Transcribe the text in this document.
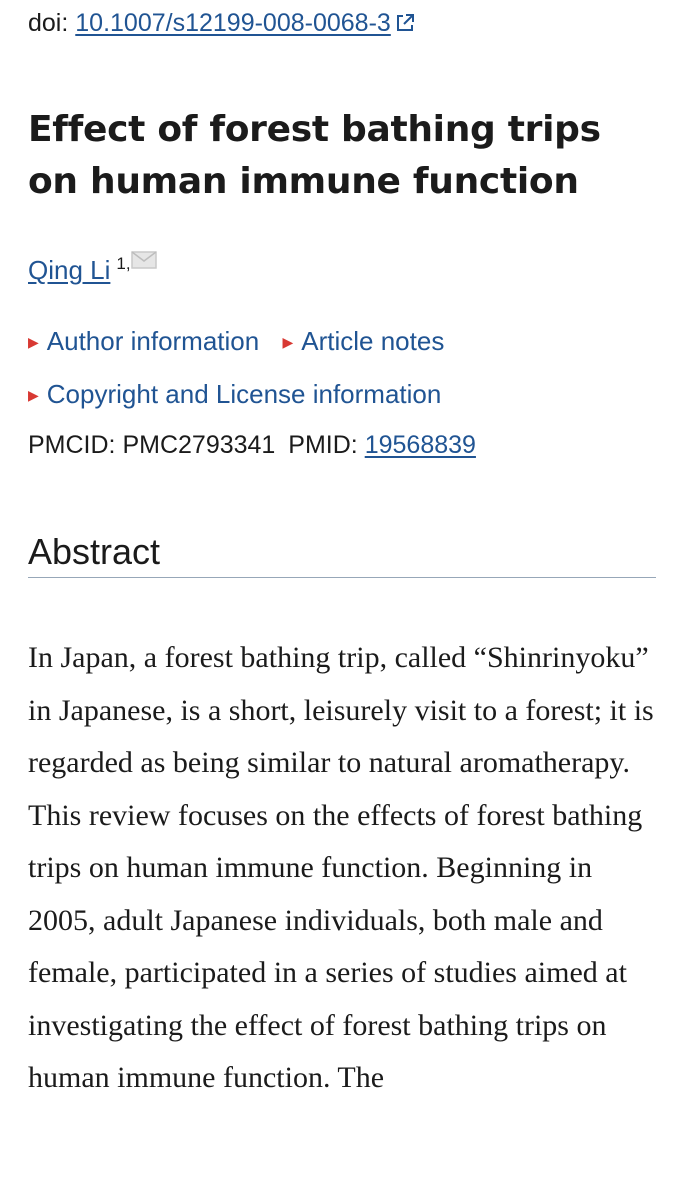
doi: 10.1007/s12199-008-0068-3
Effect of forest bathing trips on human immune function
Qing Li $^{1,}$
▶ Author information ▶ Article notes
▶ Copyright and License information
PMCID: PMC2793341 PMID: 19568839
Abstract

In Japan, a forest bathing trip, called “Shinrinyoku” in Japanese, is a short, leisurely visit to a forest; it is regarded as being similar to natural aromatherapy. This review focuses on the effects of forest bathing trips on human immune function. Beginning in 2005, adult Japanese individuals, both male and female, participated in a series of studies aimed at investigating the effect of forest bathing trips on human immune function. The
